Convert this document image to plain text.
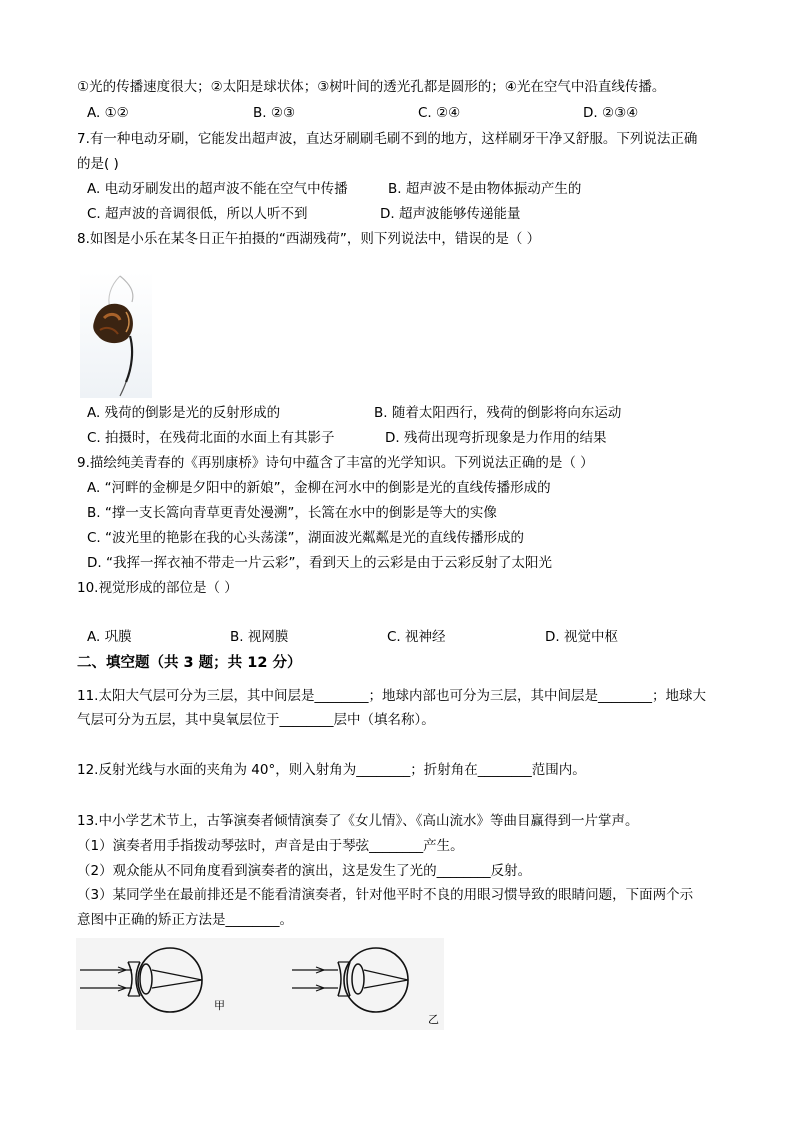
①光的传播速度很大；②太阳是球状体；③树叶间的透光孔都是圆形的；④光在空气中沿直线传播。
A. ①②	B. ②③	C. ②④	D. ②③④
7.有一种电动牙刷，它能发出超声波，直达牙刷刷毛刷不到的地方，这样刷牙干净又舒服。下列说法正确
的是( )
A. 电动牙刷发出的超声波不能在空气中传播	B. 超声波不是由物体振动产生的
C. 超声波的音调很低，所以人听不到	D. 超声波能够传递能量
8.如图是小乐在某冬日正午拍摄的“西湖残荷”，则下列说法中，错误的是（ ）
A. 残荷的倒影是光的反射形成的	B. 随着太阳西行，残荷的倒影将向东运动
C. 拍摄时，在残荷北面的水面上有其影子	D. 残荷出现弯折现象是力作用的结果
9.描绘纯美青春的《再别康桥》诗句中蕴含了丰富的光学知识。下列说法正确的是（ ）
A. “河畔的金柳是夕阳中的新娘”，金柳在河水中的倒影是光的直线传播形成的
B. “撑一支长篙向青草更青处漫溯”，长篙在水中的倒影是等大的实像
C. “波光里的艳影在我的心头荡漾”，湖面波光粼粼是光的直线传播形成的
D. “我挥一挥衣袖不带走一片云彩”，看到天上的云彩是由于云彩反射了太阳光
10.视觉形成的部位是（ ）
A. 巩膜	B. 视网膜	C. 视神经	D. 视觉中枢
二、填空题（共 3 题；共 12 分）
11.太阳大气层可分为三层，其中间层是________；地球内部也可分为三层，其中间层是________；地球大
气层可分为五层，其中臭氧层位于________层中（填名称）。
12.反射光线与水面的夹角为 40°，则入射角为________；折射角在________范围内。
13.中小学艺术节上，古筝演奏者倾情演奏了《女儿情》、《高山流水》等曲目赢得到一片掌声。
（1）演奏者用手指拨动琴弦时，声音是由于琴弦________产生。
（2）观众能从不同角度看到演奏者的演出，这是发生了光的________反射。
（3）某同学坐在最前排还是不能看清演奏者，针对他平时不良的用眼习惯导致的眼睛问题，下面两个示
意图中正确的矫正方法是________。
甲
乙
